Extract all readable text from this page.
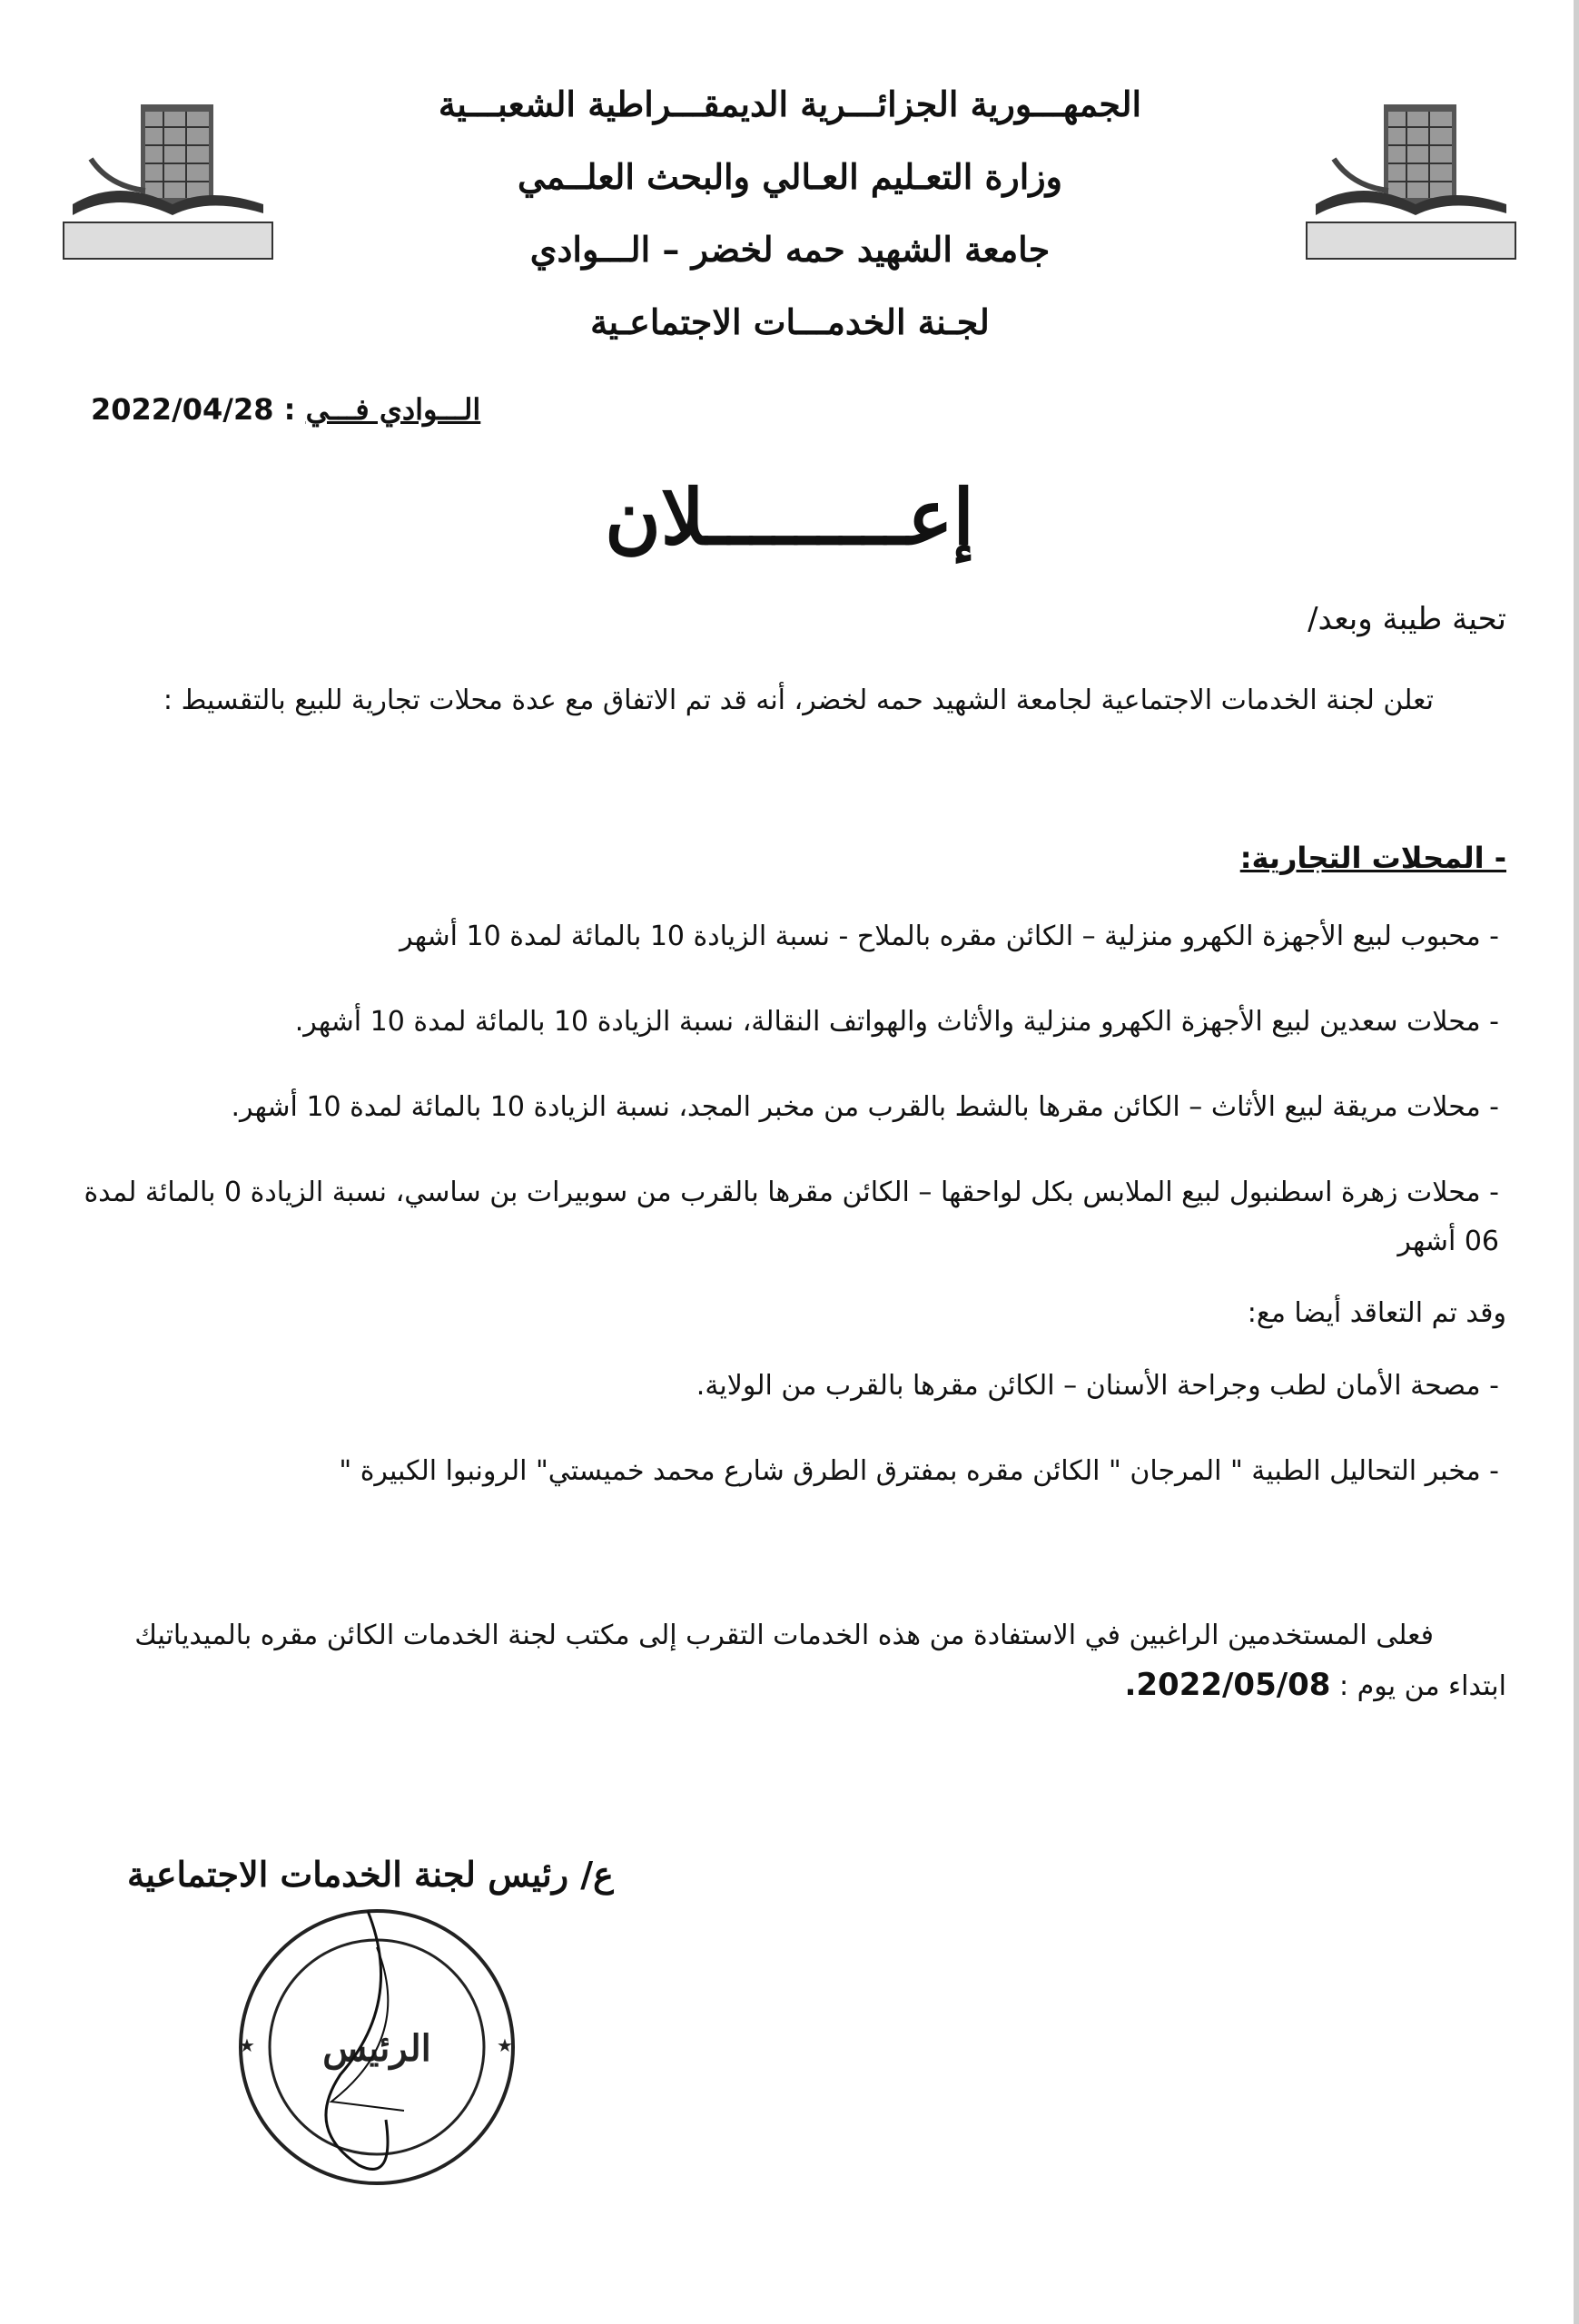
الجمهـــورية الجزائـــرية الديمقـــراطية الشعبـــية
وزارة التعـليم العـالي والبحث العلــمي
جامعة الشهيد حمه لخضر – الـــوادي
لجـنة الخدمـــات الاجتماعـية
الـــوادي فـــي : 2022/04/28
إعـــــــــلان
تحية طيبة وبعد/
تعلن لجنة الخدمات الاجتماعية لجامعة الشهيد حمه لخضر، أنه قد تم الاتفاق مع عدة محلات تجارية للبيع بالتقسيط :
- المحلات التجارية:
- محبوب لبيع الأجهزة الكهرو منزلية – الكائن مقره بالملاح - نسبة الزيادة 10 بالمائة لمدة 10 أشهر
- محلات سعدين لبيع الأجهزة الكهرو منزلية والأثاث والهواتف النقالة، نسبة الزيادة 10 بالمائة لمدة 10 أشهر.
- محلات مريقة لبيع الأثاث – الكائن مقرها بالشط بالقرب من مخبر المجد، نسبة الزيادة 10 بالمائة لمدة 10 أشهر.
- محلات زهرة اسطنبول لبيع الملابس بكل لواحقها – الكائن مقرها بالقرب من سوبيرات بن ساسي، نسبة الزيادة 0 بالمائة لمدة 06 أشهر
وقد تم التعاقد أيضا مع:
- مصحة الأمان لطب وجراحة الأسنان – الكائن مقرها بالقرب من الولاية.
- مخبر التحاليل الطبية " المرجان " الكائن مقره بمفترق الطرق شارع محمد خميستي" الرونبوا الكبيرة "
فعلى المستخدمين الراغبين في الاستفادة من هذه الخدمات التقرب إلى مكتب لجنة الخدمات الكائن مقره بالميدياتيك ابتداء من يوم : 2022/05/08.
ع/ رئيس لجنة الخدمات الاجتماعية
الرئيس
★	★
